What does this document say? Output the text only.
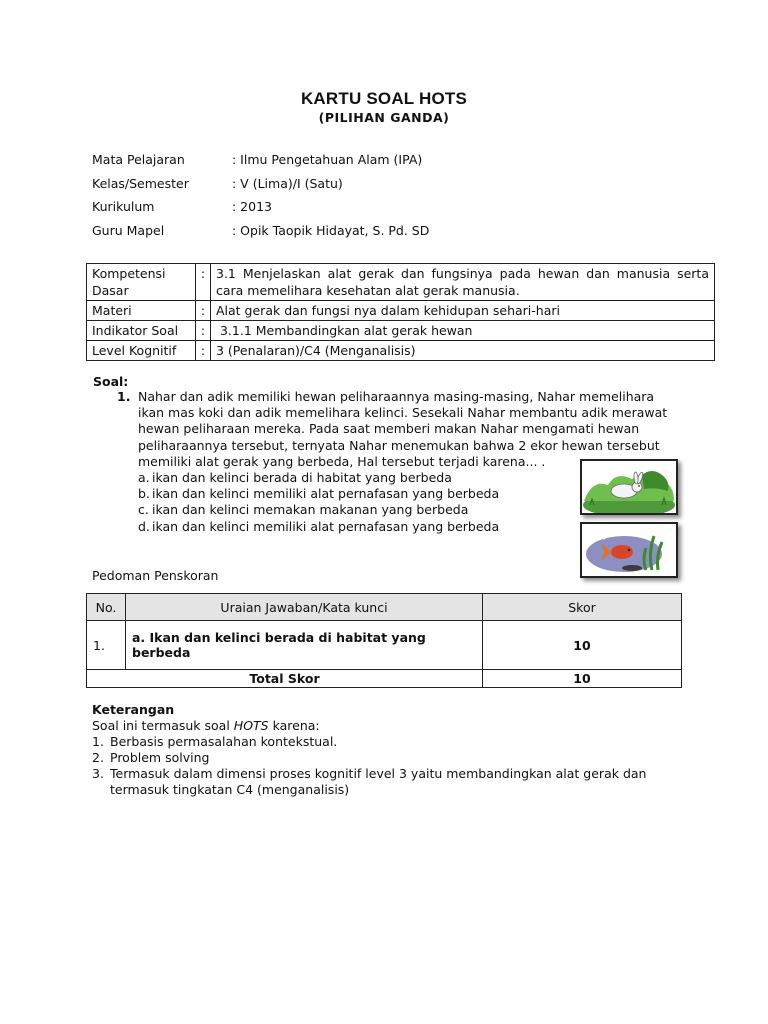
KARTU SOAL HOTS
(PILIHAN GANDA)
Mata Pelajaran	: Ilmu Pengetahuan Alam (IPA)
Kelas/Semester	: V (Lima)/I (Satu)
Kurikulum	: 2013
Guru Mapel	: Opik Taopik Hidayat, S. Pd. SD
Kompetensi Dasar	:	3.1 Menjelaskan alat gerak dan fungsinya pada hewan dan manusia serta cara memelihara kesehatan alat gerak manusia.
Materi	:	Alat gerak dan fungsi nya dalam kehidupan sehari-hari
Indikator Soal	:	3.1.1 Membandingkan alat gerak hewan
Level Kognitif	:	3 (Penalaran)/C4 (Menganalisis)
Soal:
1. Nahar dan adik memiliki hewan peliharaannya masing-masing, Nahar memelihara ikan mas koki dan adik memelihara kelinci. Sesekali Nahar membantu adik merawat hewan peliharaan mereka. Pada saat memberi makan Nahar mengamati hewan peliharaannya tersebut, ternyata Nahar menemukan bahwa 2 ekor hewan tersebut memiliki alat gerak yang berbeda, Hal tersebut terjadi karena... .
a. ikan dan kelinci berada di habitat yang berbeda
b. ikan dan kelinci memiliki alat pernafasan yang berbeda
c. ikan dan kelinci memakan makanan yang berbeda
d. ikan dan kelinci memiliki alat pernafasan yang berbeda
Pedoman Penskoran
No.	Uraian Jawaban/Kata kunci	Skor
1.	a. Ikan dan kelinci berada di habitat yang berbeda	10
Total Skor		10
Keterangan
Soal ini termasuk soal HOTS karena:
1. Berbasis permasalahan kontekstual.
2. Problem solving
3. Termasuk dalam dimensi proses kognitif level 3 yaitu membandingkan alat gerak dan termasuk tingkatan C4 (menganalisis)
